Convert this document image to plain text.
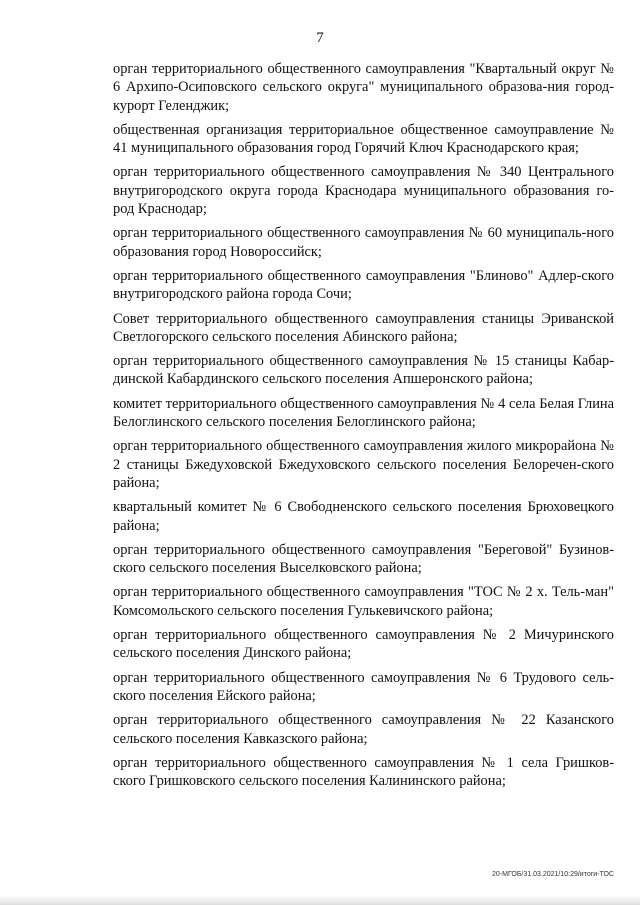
7

орган территориального общественного самоуправления "Квартальный округ № 6 Архипо-Осиповского сельского округа" муниципального образова-ния город-курорт Геленджик;

общественная организация территориальное общественное самоуправление № 41 муниципального образования город Горячий Ключ Краснодарского края;

орган территориального общественного самоуправления № 340 Центрального внутригородского округа города Краснодара муниципального образования го-род Краснодар;

орган территориального общественного самоуправления № 60 муниципаль-ного образования город Новороссийск;

орган территориального общественного самоуправления "Блиново" Адлер-ского внутригородского района города Сочи;

Совет территориального общественного самоуправления станицы Эриванской Светлогорского сельского поселения Абинского района;

орган территориального общественного самоуправления № 15 станицы Кабар-динской Кабардинского сельского поселения Апшеронского района;

комитет территориального общественного самоуправления № 4 села Белая Глина Белоглинского сельского поселения Белоглинского района;

орган территориального общественного самоуправления жилого микрорайона № 2 станицы Бжедуховской Бжедуховского сельского поселения Белоречен-ского района;

квартальный комитет № 6 Свободненского сельского поселения Брюховецкого района;

орган территориального общественного самоуправления "Береговой" Бузинов-ского сельского поселения Выселковского района;

орган территориального общественного самоуправления "ТОС № 2 х. Тель-ман" Комсомольского сельского поселения Гулькевичского района;

орган территориального общественного самоуправления № 2 Мичуринского сельского поселения Динского района;

орган территориального общественного самоуправления № 6 Трудового сель-ского поселения Ейского района;

орган территориального общественного самоуправления № 22 Казанского сельского поселения Кавказского района;

орган территориального общественного самоуправления № 1 села Гришков-ского Гришковского сельского поселения Калининского района;

20-МГОБ/31.03.2021/10:29/итоги-ТОС
